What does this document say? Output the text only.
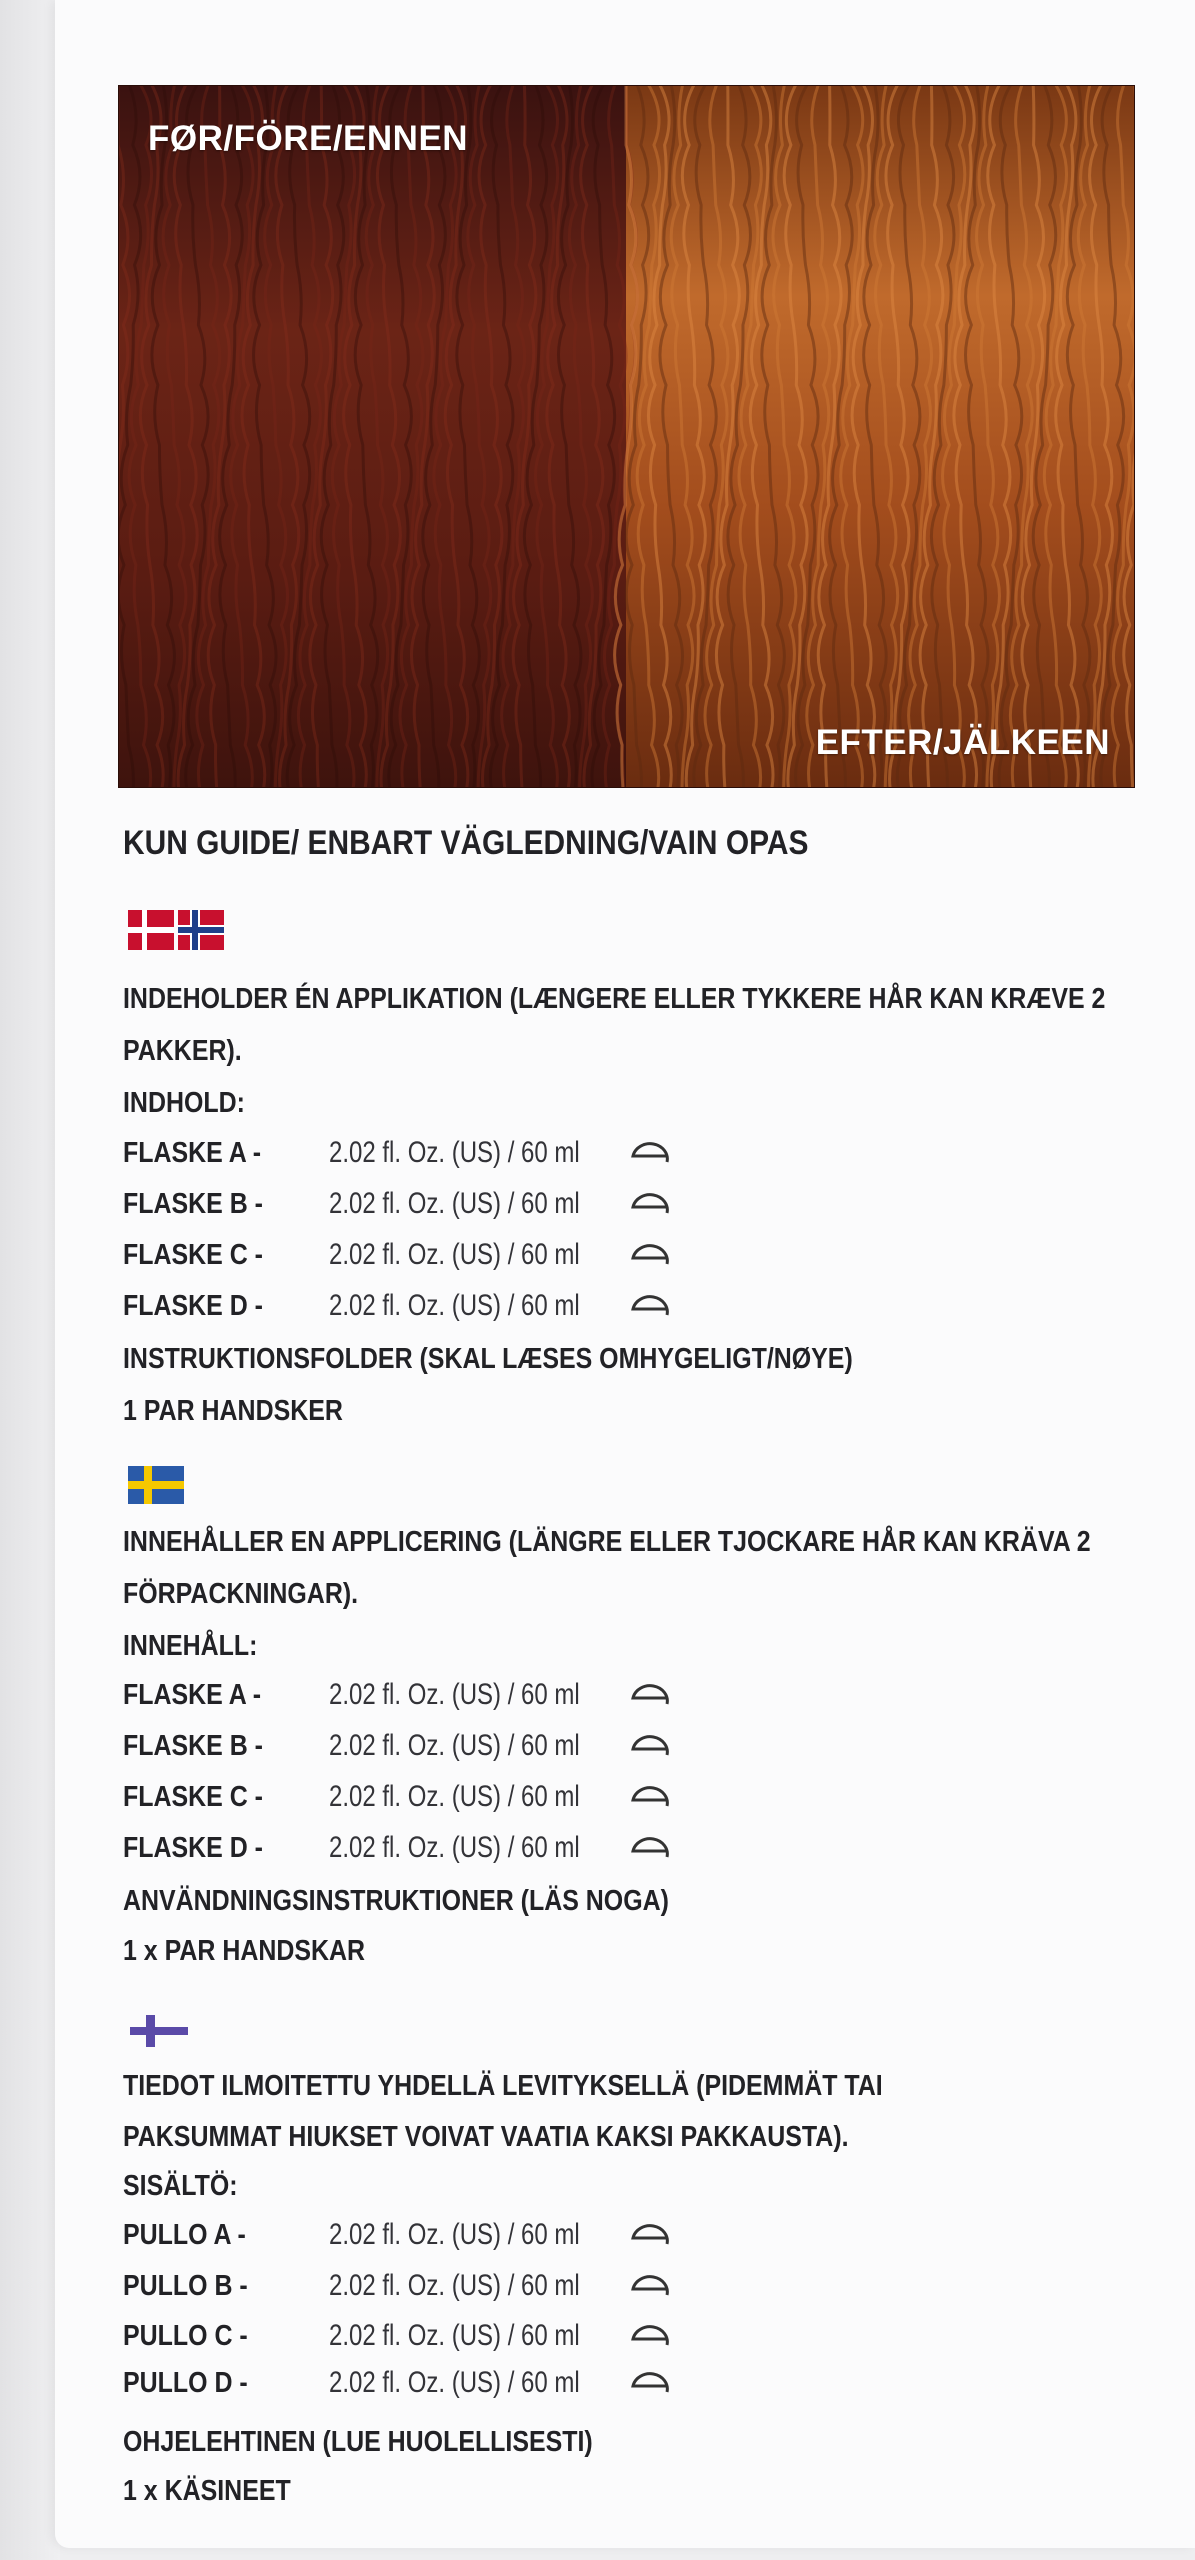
FØR/FÖRE/ENNEN
EFTER/JÄLKEEN
KUN GUIDE/ ENBART VÄGLEDNING/VAIN OPAS
INDEHOLDER ÉN APPLIKATION (LÆNGERE ELLER TYKKERE HÅR KAN KRÆVE 2
PAKKER).
INDHOLD:
FLASKE A - 2.02 fl. Oz. (US) / 60 ml
FLASKE B - 2.02 fl. Oz. (US) / 60 ml
FLASKE C - 2.02 fl. Oz. (US) / 60 ml
FLASKE D - 2.02 fl. Oz. (US) / 60 ml
INSTRUKTIONSFOLDER (SKAL LÆSES OMHYGELIGT/NØYE)
1 PAR HANDSKER
INNEHÅLLER EN APPLICERING (LÄNGRE ELLER TJOCKARE HÅR KAN KRÄVA 2
FÖRPACKNINGAR).
INNEHÅLL:
FLASKE A - 2.02 fl. Oz. (US) / 60 ml
FLASKE B - 2.02 fl. Oz. (US) / 60 ml
FLASKE C - 2.02 fl. Oz. (US) / 60 ml
FLASKE D - 2.02 fl. Oz. (US) / 60 ml
ANVÄNDNINGSINSTRUKTIONER (LÄS NOGA)
1 x PAR HANDSKAR
TIEDOT ILMOITETTU YHDELLÄ LEVITYKSELLÄ (PIDEMMÄT TAI
PAKSUMMAT HIUKSET VOIVAT VAATIA KAKSI PAKKAUSTA).
SISÄLTÖ:
PULLO A -	2.02 fl. Oz. (US) / 60 ml
PULLO B -	2.02 fl. Oz. (US) / 60 ml
PULLO C -	2.02 fl. Oz. (US) / 60 ml
PULLO D -	2.02 fl. Oz. (US) / 60 ml
OHJELEHTINEN (LUE HUOLELLISESTI)
1 x KÄSINEET
